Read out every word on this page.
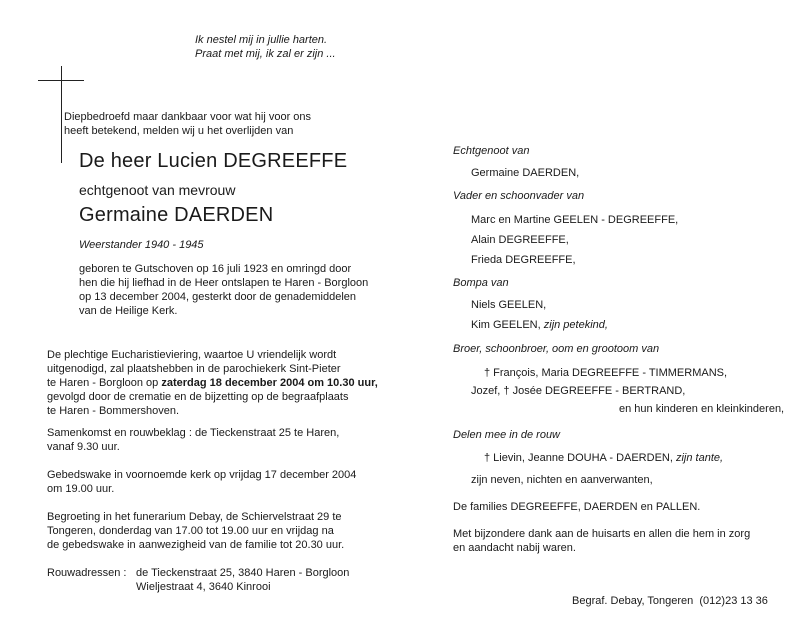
Ik nestel mij in jullie harten.
Praat met mij, ik zal er zijn ...
Diepbedroefd maar dankbaar voor wat hij voor ons
heeft betekend, melden wij u het overlijden van
De heer Lucien DEGREEFFE
echtgenoot van mevrouw
Germaine DAERDEN
Weerstander 1940 - 1945
geboren te Gutschoven op 16 juli 1923 en omringd door
hen die hij liefhad in de Heer ontslapen te Haren - Borgloon
op 13 december 2004, gesterkt door de genademiddelen
van de Heilige Kerk.
De plechtige Eucharistieviering, waartoe U vriendelijk wordt
uitgenodigd, zal plaatshebben in de parochiekerk Sint-Pieter
te Haren - Borgloon op zaterdag 18 december 2004 om 10.30 uur,
gevolgd door de crematie en de bijzetting op de begraafplaats
te Haren - Bommershoven.
Samenkomst en rouwbeklag : de Tieckenstraat 25 te Haren,
vanaf 9.30 uur.
Gebedswake in voornoemde kerk op vrijdag 17 december 2004
om 19.00 uur.
Begroeting in het funerarium Debay, de Schiervelstraat 29 te
Tongeren, donderdag van 17.00 tot 19.00 uur en vrijdag na
de gebedswake in aanwezigheid van de familie tot 20.30 uur.
Rouwadressen : de Tieckenstraat 25, 3840 Haren - Borgloon
Wieljestraat 4, 3640 Kinrooi
Echtgenoot van
Germaine DAERDEN,
Vader en schoonvader van
Marc en Martine GEELEN - DEGREEFFE,
Alain DEGREEFFE,
Frieda DEGREEFFE,
Bompa van
Niels GEELEN,
Kim GEELEN, zijn petekind,
Broer, schoonbroer, oom en grootoom van
† François, Maria DEGREEFFE - TIMMERMANS,
Jozef, † Josée DEGREEFFE - BERTRAND,
en hun kinderen en kleinkinderen,
Delen mee in de rouw
† Lievin, Jeanne DOUHA - DAERDEN, zijn tante,
zijn neven, nichten en aanverwanten,
De families DEGREEFFE, DAERDEN en PALLEN.
Met bijzondere dank aan de huisarts en allen die hem in zorg
en aandacht nabij waren.
Begraf. Debay, Tongeren  (012)23 13 36
